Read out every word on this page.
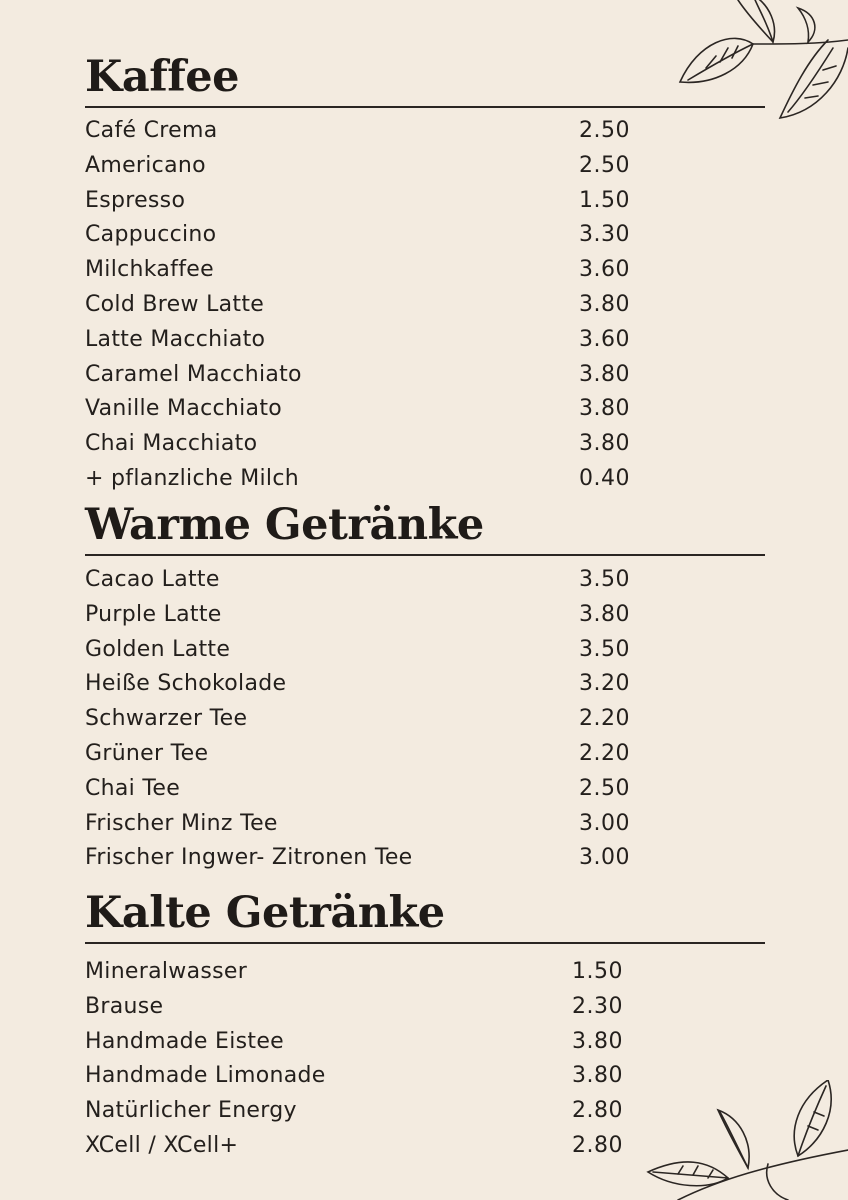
Kaffee
Café Crema	2.50
Americano	2.50
Espresso	1.50
Cappuccino	3.30
Milchkaffee	3.60
Cold Brew Latte	3.80
Latte Macchiato	3.60
Caramel Macchiato	3.80
Vanille Macchiato	3.80
Chai Macchiato	3.80
+ pflanzliche Milch	0.40
Warme Getränke
Cacao Latte	3.50
Purple Latte	3.80
Golden Latte	3.50
Heiße Schokolade	3.20
Schwarzer Tee	2.20
Grüner Tee	2.20
Chai Tee	2.50
Frischer Minz Tee	3.00
Frischer Ingwer- Zitronen Tee	3.00
Kalte Getränke
Mineralwasser	1.50
Brause	2.30
Handmade Eistee	3.80
Handmade Limonade	3.80
Natürlicher Energy	2.80
XCell / XCell+	2.80
